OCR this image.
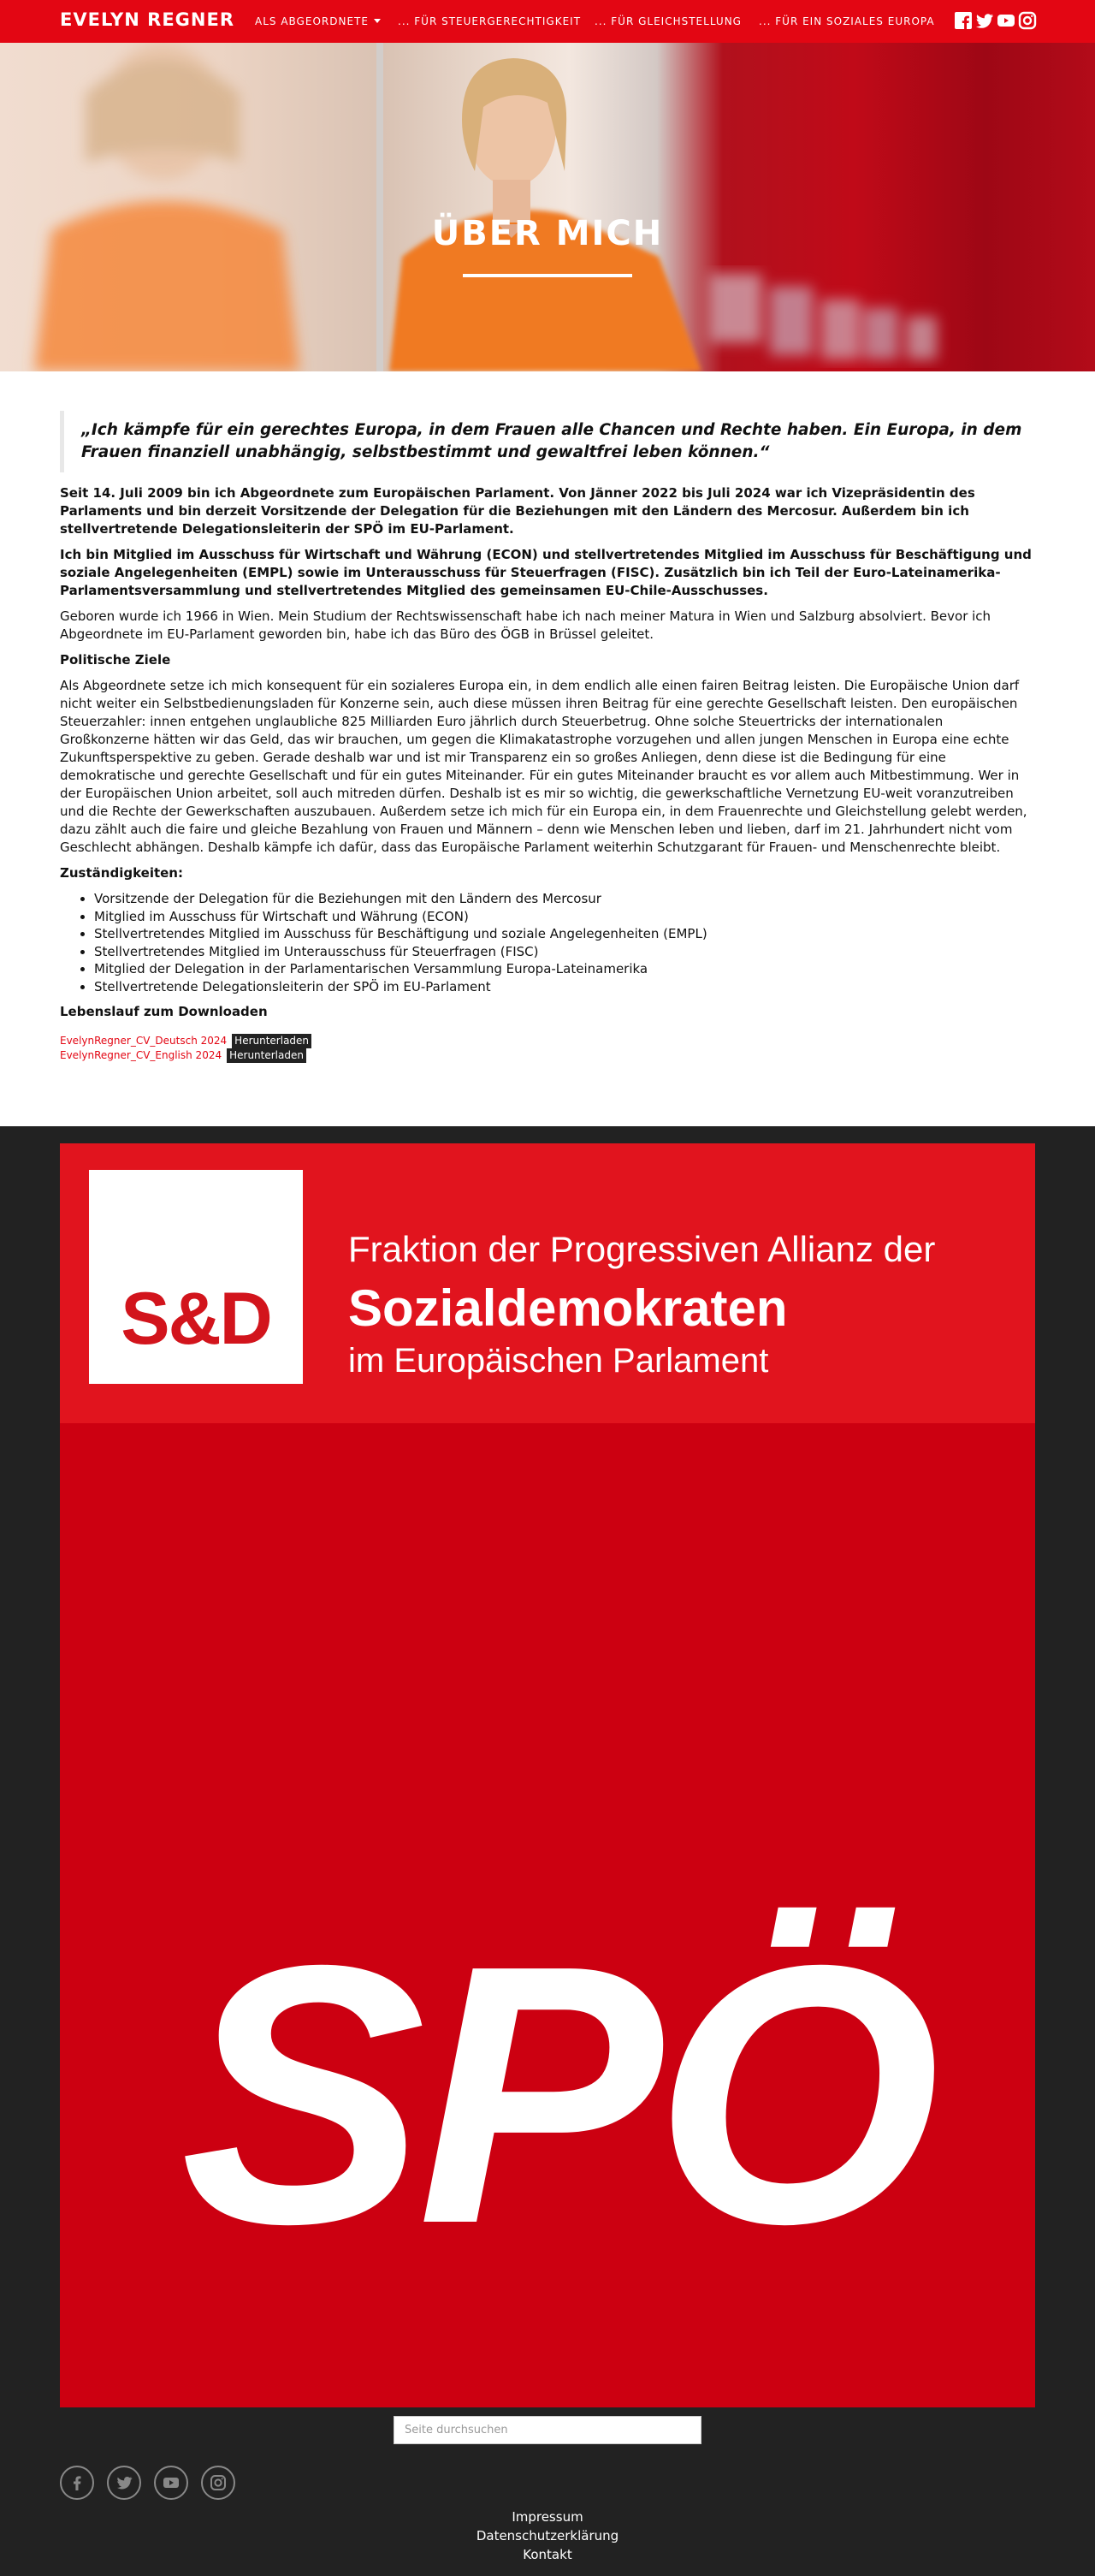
EVELYN REGNER ALS ABGEORDNETE	... FÜR STEUERGERECHTIGKEIT ... FÜR GLEICHSTELLUNG ... FÜR EIN SOZIALES EUROPA
ÜBER MICH

„Ich kämpfe für ein gerechtes Europa, in dem Frauen alle Chancen und Rechte haben. Ein Europa, in dem Frauen finanziell unabhängig, selbstbestimmt und gewaltfrei leben können.“

Seit 14. Juli 2009 bin ich Abgeordnete zum Europäischen Parlament. Von Jänner 2022 bis Juli 2024 war ich Vizepräsidentin des Parlaments und bin derzeit Vorsitzende der Delegation für die Beziehungen mit den Ländern des Mercosur. Außerdem bin ich stellvertretende Delegationsleiterin der SPÖ im EU-Parlament.

Ich bin Mitglied im Ausschuss für Wirtschaft und Währung (ECON) und stellvertretendes Mitglied im Ausschuss für Beschäftigung und soziale Angelegenheiten (EMPL) sowie im Unterausschuss für Steuerfragen (FISC). Zusätzlich bin ich Teil der Euro-Lateinamerika-Parlamentsversammlung und stellvertretendes Mitglied des gemeinsamen EU-Chile-Ausschusses.

Geboren wurde ich 1966 in Wien. Mein Studium der Rechtswissenschaft habe ich nach meiner Matura in Wien und Salzburg absolviert. Bevor ich Abgeordnete im EU-Parlament geworden bin, habe ich das Büro des ÖGB in Brüssel geleitet.

Politische Ziele

Als Abgeordnete setze ich mich konsequent für ein sozialeres Europa ein, in dem endlich alle einen fairen Beitrag leisten. Die Europäische Union darf nicht weiter ein Selbstbedienungsladen für Konzerne sein, auch diese müssen ihren Beitrag für eine gerechte Gesellschaft leisten. Den europäischen Steuerzahler: innen entgehen unglaubliche 825 Milliarden Euro jährlich durch Steuerbetrug. Ohne solche Steuertricks der internationalen Großkonzerne hätten wir das Geld, das wir brauchen, um gegen die Klimakatastrophe vorzugehen und allen jungen Menschen in Europa eine echte Zukunftsperspektive zu geben. Gerade deshalb war und ist mir Transparenz ein so großes Anliegen, denn diese ist die Bedingung für eine demokratische und gerechte Gesellschaft und für ein gutes Miteinander. Für ein gutes Miteinander braucht es vor allem auch Mitbestimmung. Wer in der Europäischen Union arbeitet, soll auch mitreden dürfen. Deshalb ist es mir so wichtig, die gewerkschaftliche Vernetzung EU-weit voranzutreiben und die Rechte der Gewerkschaften auszubauen. Außerdem setze ich mich für ein Europa ein, in dem Frauenrechte und Gleichstellung gelebt werden, dazu zählt auch die faire und gleiche Bezahlung von Frauen und Männern – denn wie Menschen leben und lieben, darf im 21. Jahrhundert nicht vom Geschlecht abhängen. Deshalb kämpfe ich dafür, dass das Europäische Parlament weiterhin Schutzgarant für Frauen- und Menschenrechte bleibt.

Zuständigkeiten:
• Vorsitzende der Delegation für die Beziehungen mit den Ländern des Mercosur
• Mitglied im Ausschuss für Wirtschaft und Währung (ECON)
• Stellvertretendes Mitglied im Ausschuss für Beschäftigung und soziale Angelegenheiten (EMPL)
• Stellvertretendes Mitglied im Unterausschuss für Steuerfragen (FISC)
• Mitglied der Delegation in der Parlamentarischen Versammlung Europa-Lateinamerika
• Stellvertretende Delegationsleiterin der SPÖ im EU-Parlament
Lebenslauf zum Downloaden
EvelynRegner_CV_Deutsch 2024 Herunterladen
EvelynRegner_CV_English 2024 Herunterladen
S&D
Fraktion der Progressiven Allianz der
Sozialdemokraten
im Europäischen Parlament
SPÖ
Seite durchsuchen
Impressum
Datenschutzerklärung
Kontakt
